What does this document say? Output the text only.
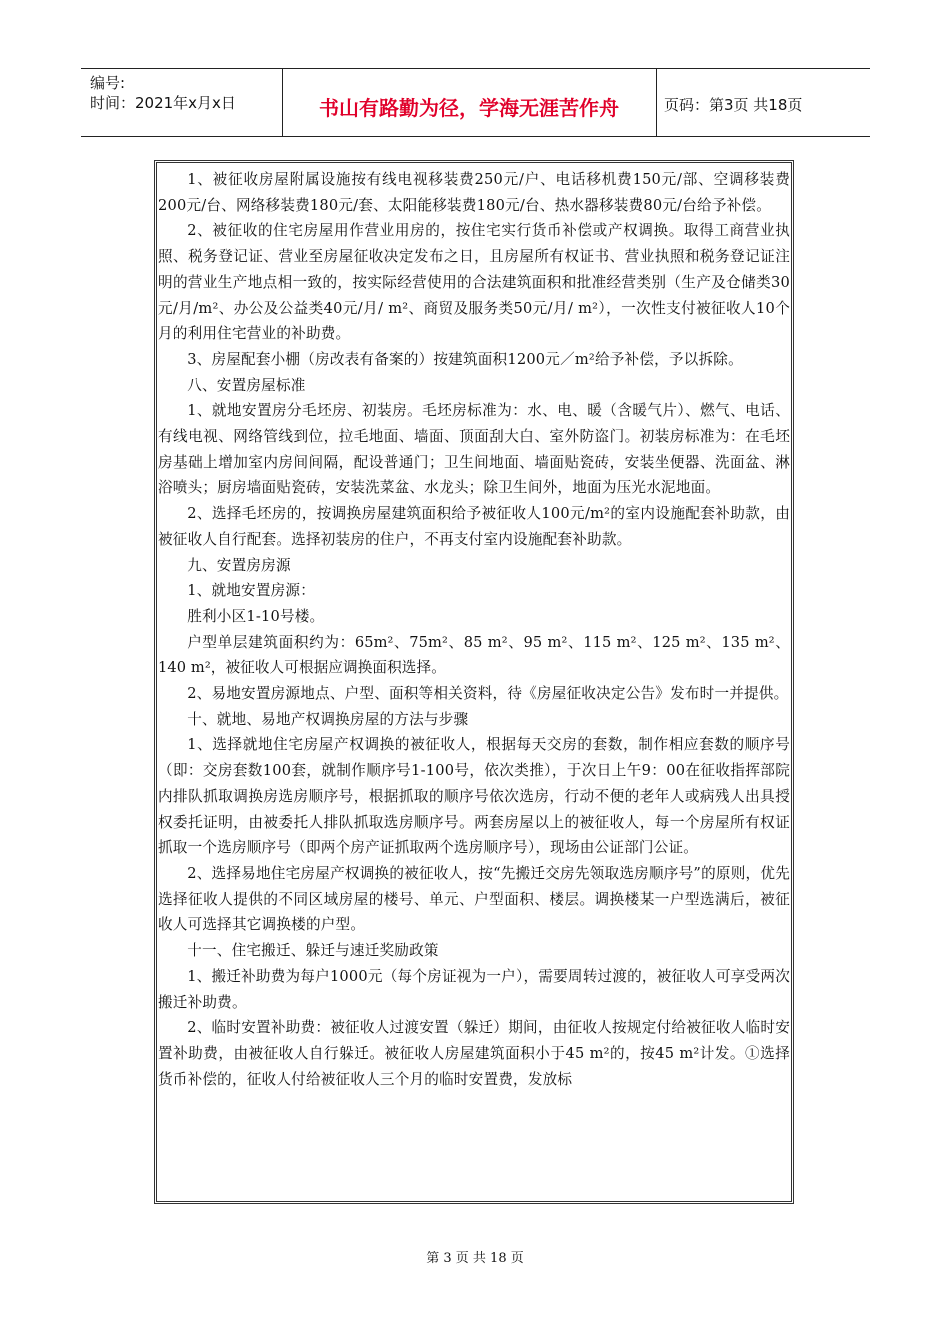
编号:
时间：2021年x月x日	书山有路勤为径，学海无涯苦作舟	页码：第3页 共18页

1、被征收房屋附属设施按有线电视移装费250元/户、电话移机费150元/部、空调移装费200元/台、网络移装费180元/套、太阳能移装费180元/台、热水器移装费80元/台给予补偿。

2、被征收的住宅房屋用作营业用房的，按住宅实行货币补偿或产权调换。取得工商营业执照、税务登记证、营业至房屋征收决定发布之日，且房屋所有权证书、营业执照和税务登记证注明的营业生产地点相一致的，按实际经营使用的合法建筑面积和批准经营类别（生产及仓储类30元/月/m²、办公及公益类40元/月/ m²、商贸及服务类50元/月/ m²），一次性支付被征收人10个月的利用住宅营业的补助费。

3、房屋配套小棚（房改表有备案的）按建筑面积1200元／m²给予补偿，予以拆除。

八、安置房屋标准

1、就地安置房分毛坯房、初装房。毛坯房标准为：水、电、暖（含暖气片）、燃气、电话、有线电视、网络管线到位，拉毛地面、墙面、顶面刮大白、室外防盗门。初装房标准为：在毛坯房基础上增加室内房间间隔，配设普通门；卫生间地面、墙面贴瓷砖，安装坐便器、洗面盆、淋浴喷头；厨房墙面贴瓷砖，安装洗菜盆、水龙头；除卫生间外，地面为压光水泥地面。

2、选择毛坯房的，按调换房屋建筑面积给予被征收人100元/m²的室内设施配套补助款，由被征收人自行配套。选择初装房的住户，不再支付室内设施配套补助款。

九、安置房房源

1、就地安置房源：

胜利小区1-10号楼。

户型单层建筑面积约为：65m²、75m²、85 m²、95 m²、115 m²、125 m²、135 m²、140 m²，被征收人可根据应调换面积选择。

2、易地安置房源地点、户型、面积等相关资料，待《房屋征收决定公告》发布时一并提供。

十、就地、易地产权调换房屋的方法与步骤

1、选择就地住宅房屋产权调换的被征收人，根据每天交房的套数，制作相应套数的顺序号（即：交房套数100套，就制作顺序号1-100号，依次类推），于次日上午9：00在征收指挥部院内排队抓取调换房选房顺序号，根据抓取的顺序号依次选房，行动不便的老年人或病残人出具授权委托证明，由被委托人排队抓取选房顺序号。两套房屋以上的被征收人，每一个房屋所有权证抓取一个选房顺序号（即两个房产证抓取两个选房顺序号），现场由公证部门公证。

2、选择易地住宅房屋产权调换的被征收人，按“先搬迁交房先领取选房顺序号”的原则，优先选择征收人提供的不同区域房屋的楼号、单元、户型面积、楼层。调换楼某一户型选满后，被征收人可选择其它调换楼的户型。

十一、住宅搬迁、躲迁与速迁奖励政策

1、搬迁补助费为每户1000元（每个房证视为一户），需要周转过渡的，被征收人可享受两次搬迁补助费。

2、临时安置补助费：被征收人过渡安置（躲迁）期间，由征收人按规定付给被征收人临时安置补助费，由被征收人自行躲迁。被征收人房屋建筑面积小于45 m²的，按45 m²计发。①选择货币补偿的，征收人付给被征收人三个月的临时安置费，发放标

第 3 页 共 18 页
